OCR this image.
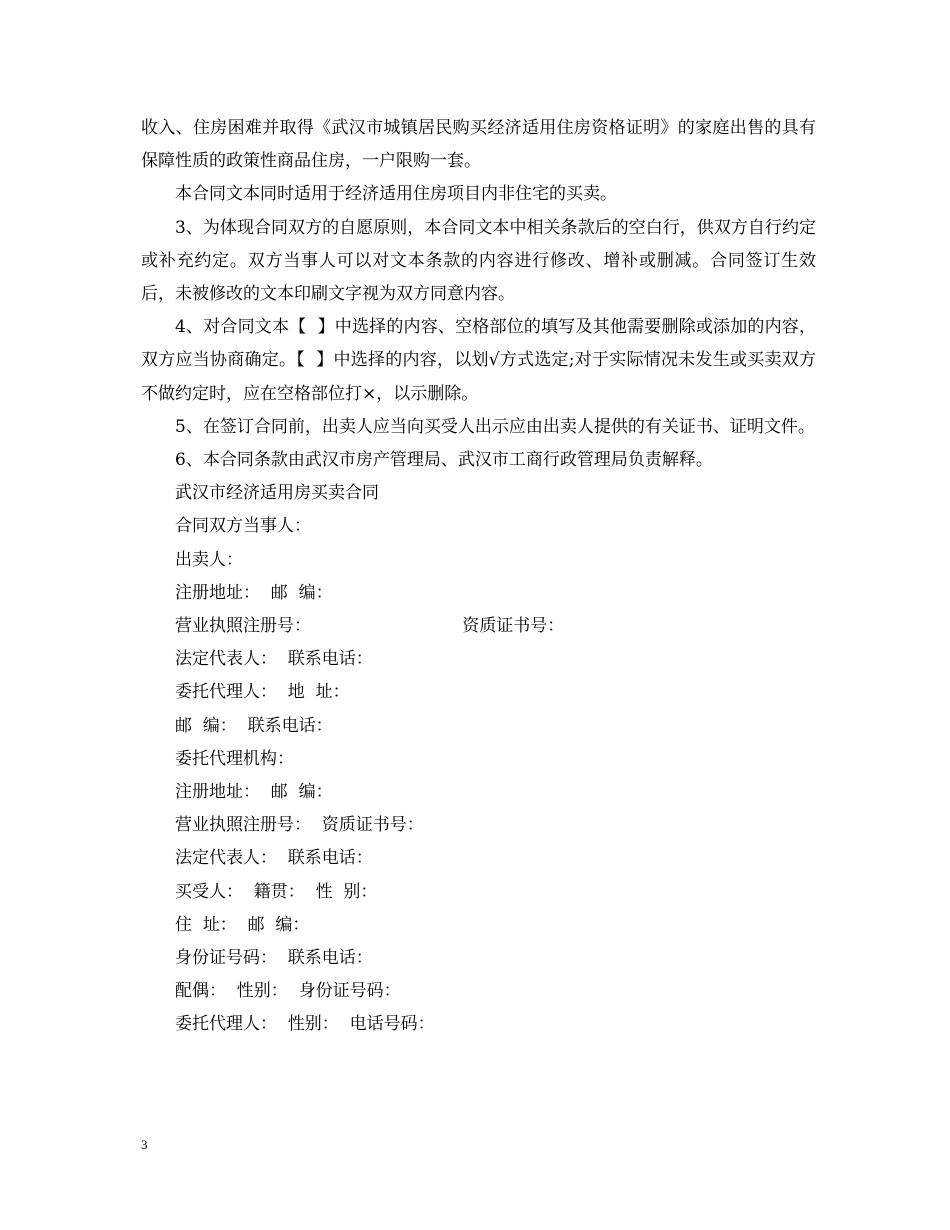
收入、住房困难并取得《武汉市城镇居民购买经济适用住房资格证明》的家庭出售的具有保障性质的政策性商品住房，一户限购一套。

本合同文本同时适用于经济适用住房项目内非住宅的买卖。

3、为体现合同双方的自愿原则，本合同文本中相关条款后的空白行，供双方自行约定或补充约定。双方当事人可以对文本条款的内容进行修改、增补或删减。合同签订生效后，未被修改的文本印刷文字视为双方同意内容。

4、对合同文本【  】中选择的内容、空格部位的填写及其他需要删除或添加的内容，双方应当协商确定。【  】中选择的内容，以划√方式选定;对于实际情况未发生或买卖双方不做约定时，应在空格部位打×，以示删除。

5、在签订合同前，出卖人应当向买受人出示应由出卖人提供的有关证书、证明文件。

6、本合同条款由武汉市房产管理局、武汉市工商行政管理局负责解释。

武汉市经济适用房买卖合同

合同双方当事人：

出卖人：

注册地址：  邮  编：

营业执照注册号：                            资质证书号：

法定代表人：  联系电话：

委托代理人：  地  址：

邮  编：  联系电话：

委托代理机构：

注册地址：  邮  编：

营业执照注册号：  资质证书号：

法定代表人：  联系电话：

买受人：  籍贯：  性  别：

住  址：  邮  编：

身份证号码：  联系电话：

配偶：  性别：  身份证号码：

委托代理人：  性别：  电话号码：

3
